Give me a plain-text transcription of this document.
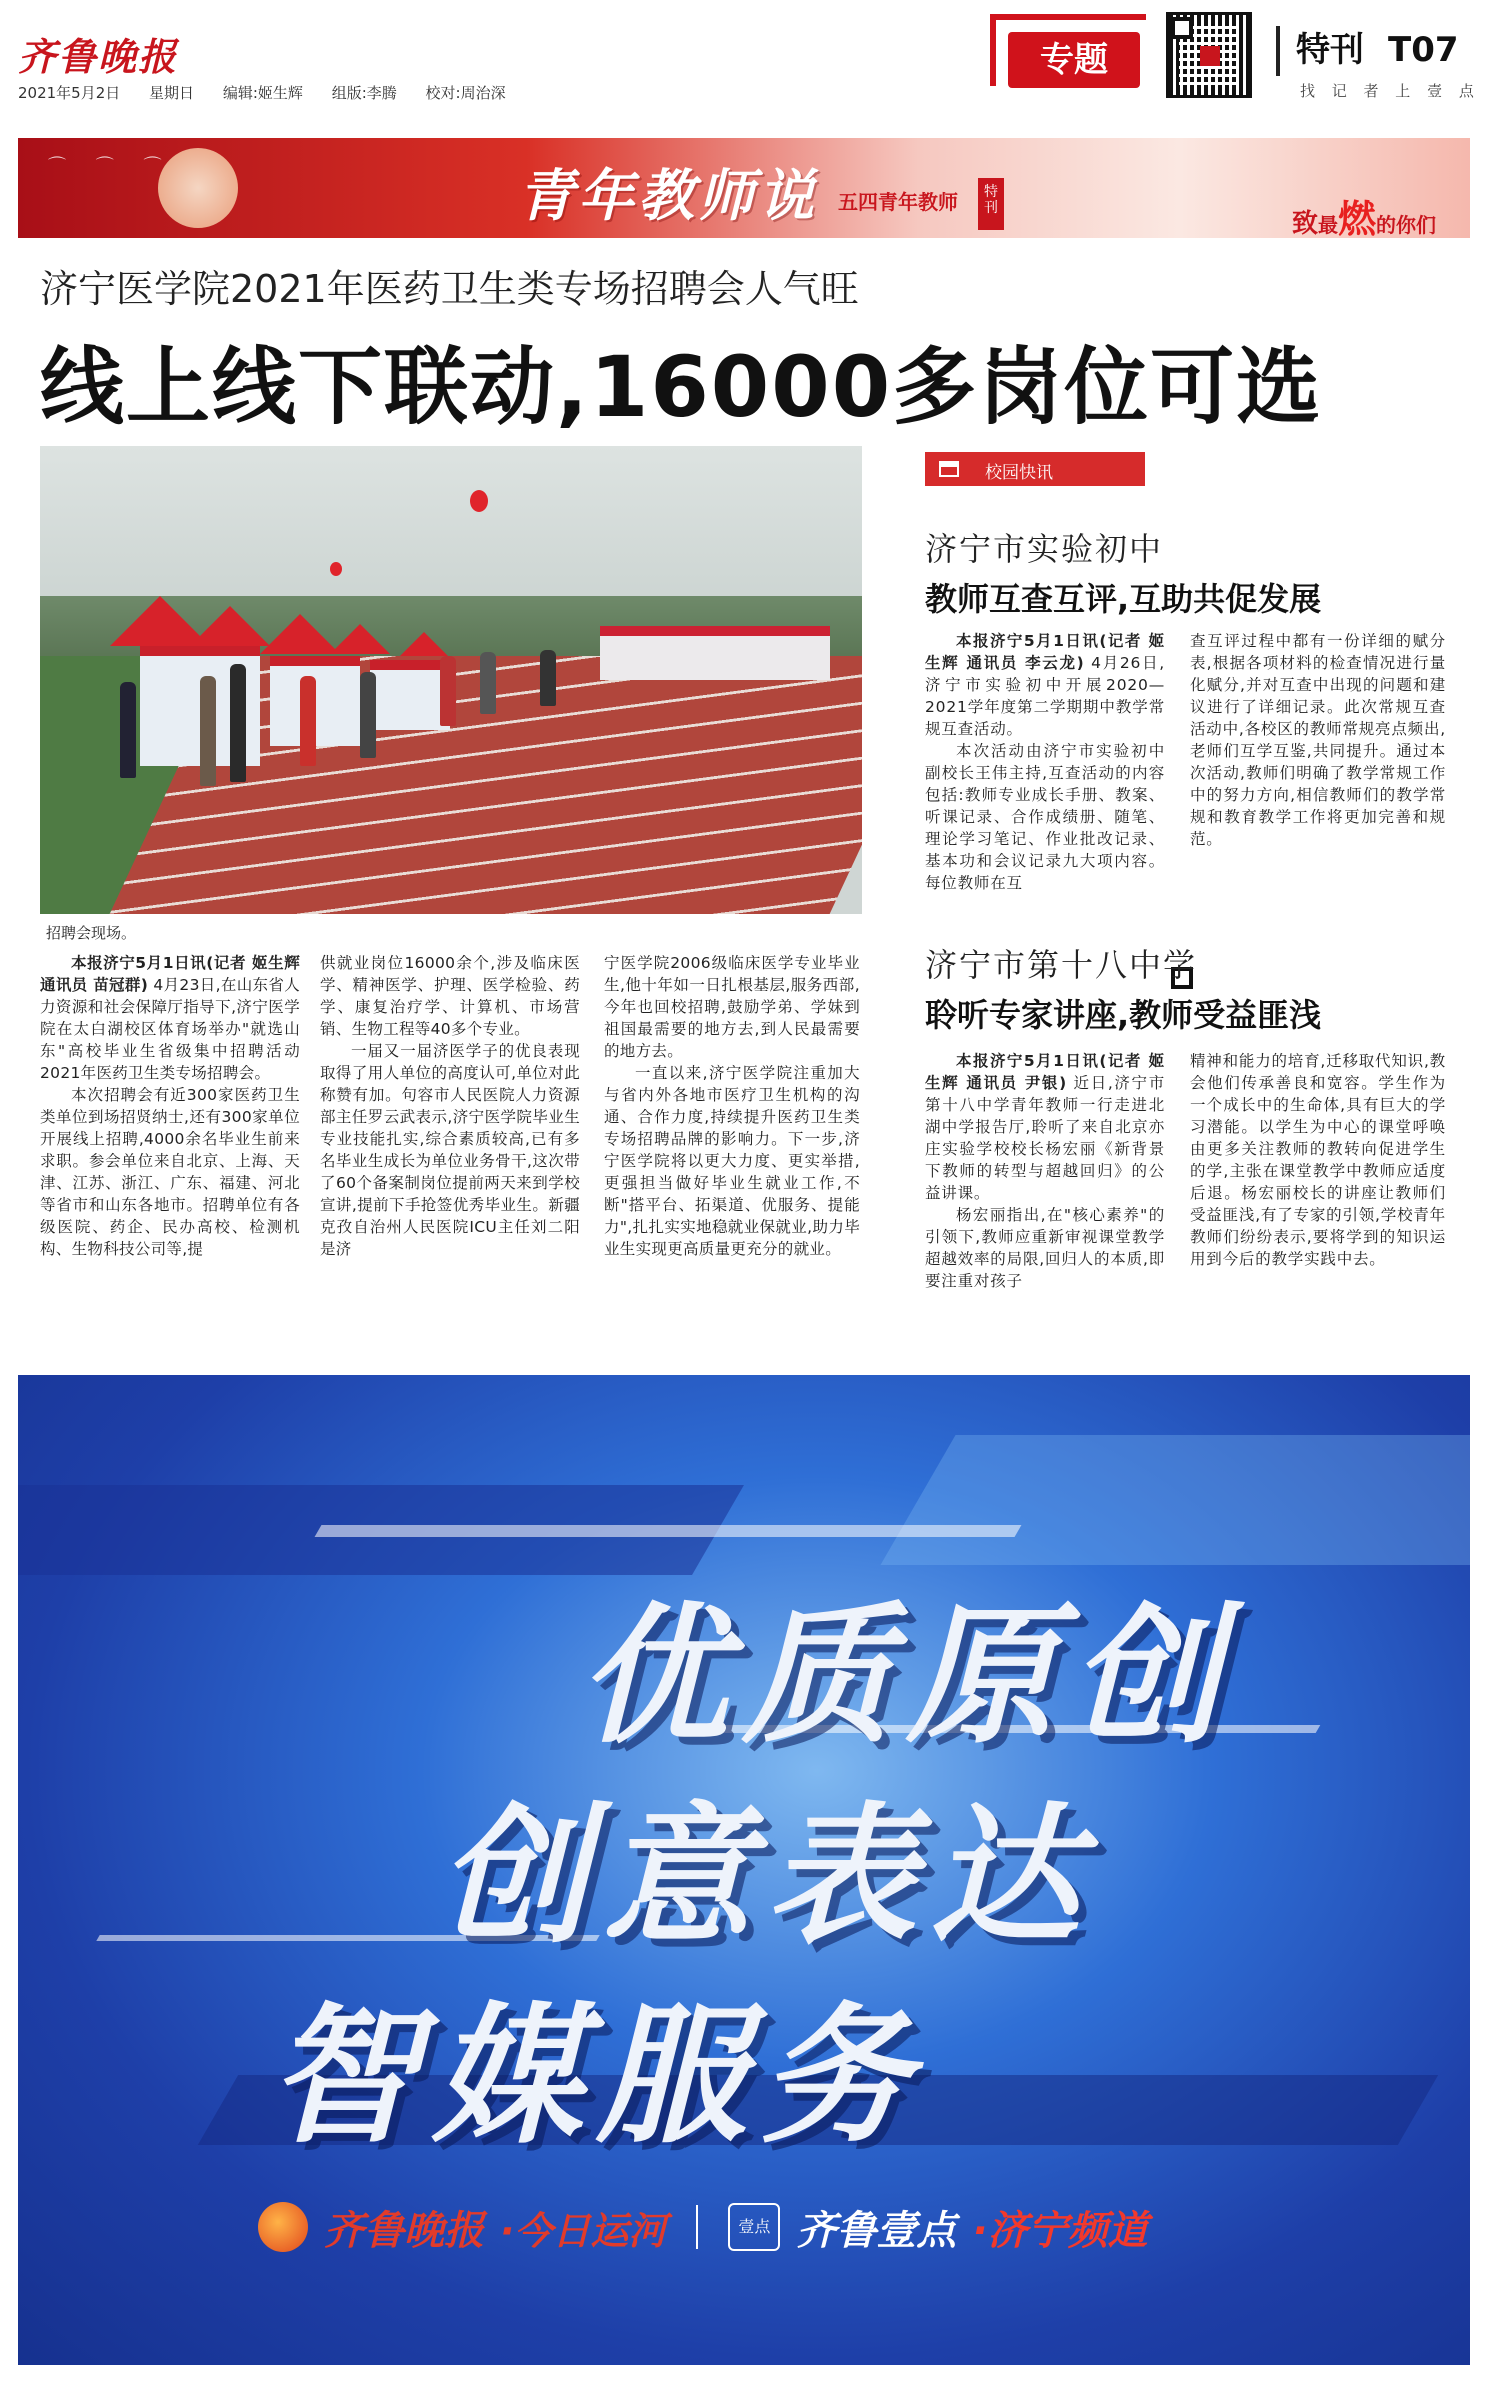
齐鲁晚报
2021年5月2日 星期日 编辑:姬生辉 组版:李腾 校对:周治深
专题	特刊 T07
找 记 者 上 壹 点
⌒ ⌒ ⌒	青年教师说 五四青年教师	特刊
致最燃的你们
济宁医学院2021年医药卫生类专场招聘会人气旺
线上线下联动,16000多岗位可选
招聘会现场。

本报济宁5月1日讯(记者 姬生辉 通讯员 苗冠群) 4月23日,在山东省人力资源和社会保障厅指导下,济宁医学院在太白湖校区体育场举办"就选山东"高校毕业生省级集中招聘活动2021年医药卫生类专场招聘会。

本次招聘会有近300家医药卫生类单位到场招贤纳士,还有300家单位开展线上招聘,4000余名毕业生前来求职。参会单位来自北京、上海、天津、江苏、浙江、广东、福建、河北等省市和山东各地市。招聘单位有各级医院、药企、民办高校、检测机构、生物科技公司等,提

供就业岗位16000余个,涉及临床医学、精神医学、护理、医学检验、药学、康复治疗学、计算机、市场营销、生物工程等40多个专业。

一届又一届济医学子的优良表现取得了用人单位的高度认可,单位对此称赞有加。句容市人民医院人力资源部主任罗云武表示,济宁医学院毕业生专业技能扎实,综合素质较高,已有多名毕业生成长为单位业务骨干,这次带了60个备案制岗位提前两天来到学校宣讲,提前下手抢签优秀毕业生。新疆克孜自治州人民医院ICU主任刘二阳是济

宁医学院2006级临床医学专业毕业生,他十年如一日扎根基层,服务西部,今年也回校招聘,鼓励学弟、学妹到祖国最需要的地方去,到人民最需要的地方去。

一直以来,济宁医学院注重加大与省内外各地市医疗卫生机构的沟通、合作力度,持续提升医药卫生类专场招聘品牌的影响力。下一步,济宁医学院将以更大力度、更实举措,更强担当做好毕业生就业工作,不断"搭平台、拓渠道、优服务、提能力",扎扎实实地稳就业保就业,助力毕业生实现更高质量更充分的就业。

校园快讯
济宁市实验初中
教师互查互评,互助共促发展

本报济宁5月1日讯(记者 姬生辉 通讯员 李云龙) 4月26日,济宁市实验初中开展2020—2021学年度第二学期期中教学常规互查活动。

本次活动由济宁市实验初中副校长王伟主持,互查活动的内容包括:教师专业成长手册、教案、听课记录、合作成绩册、随笔、理论学习笔记、作业批改记录、基本功和会议记录九大项内容。每位教师在互

查互评过程中都有一份详细的赋分表,根据各项材料的检查情况进行量化赋分,并对互查中出现的问题和建议进行了详细记录。此次常规互查活动中,各校区的教师常规亮点频出,老师们互学互鉴,共同提升。通过本次活动,教师们明确了教学常规工作中的努力方向,相信教师们的教学常规和教育教学工作将更加完善和规范。

济宁市第十八中学
聆听专家讲座,教师受益匪浅

本报济宁5月1日讯(记者 姬生辉 通讯员 尹银) 近日,济宁市第十八中学青年教师一行走进北湖中学报告厅,聆听了来自北京亦庄实验学校校长杨宏丽《新背景下教师的转型与超越回归》的公益讲课。

杨宏丽指出,在"核心素养"的引领下,教师应重新审视课堂教学超越效率的局限,回归人的本质,即要注重对孩子

精神和能力的培育,迁移取代知识,教会他们传承善良和宽容。学生作为一个成长中的生命体,具有巨大的学习潜能。以学生为中心的课堂呼唤由更多关注教师的教转向促进学生的学,主张在课堂教学中教师应适度后退。杨宏丽校长的讲座让教师们受益匪浅,有了专家的引领,学校青年教师们纷纷表示,要将学到的知识运用到今后的教学实践中去。

优质原创
创意表达
智媒服务
齐鲁晚报 ·今日运河	壹点 齐鲁壹点 ·济宁频道
